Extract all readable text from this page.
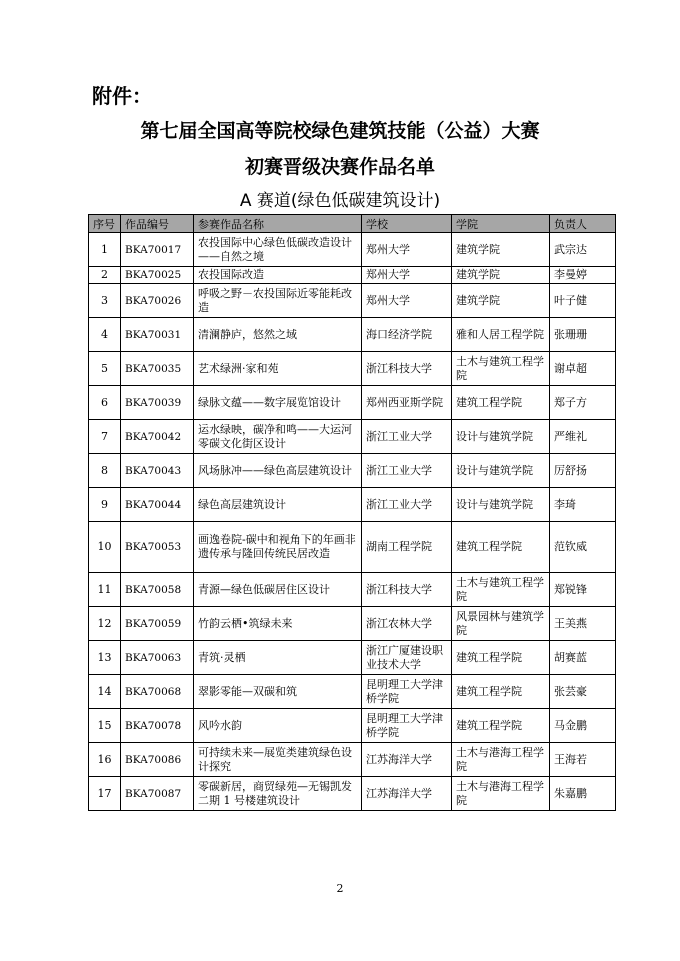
附件：
第七届全国高等院校绿色建筑技能（公益）大赛
初赛晋级决赛作品名单
A 赛道(绿色低碳建筑设计)
序号	作品编号	参赛作品名称	学校	学院	负责人
1	BKA70017	农投国际中心绿色低碳改造设计——自然之境	郑州大学	建筑学院	武宗达
2	BKA70025	农投国际改造	郑州大学	建筑学院	李曼婷
3	BKA70026	呼吸之野－农投国际近零能耗改造	郑州大学	建筑学院	叶子健
4	BKA70031	清澜静庐，悠然之域	海口经济学院	雅和人居工程学院	张珊珊
5	BKA70035	艺术绿洲·家和苑	浙江科技大学	土木与建筑工程学院	谢卓超
6	BKA70039	绿脉文蕴——数字展览馆设计	郑州西亚斯学院	建筑工程学院	郑子方
7	BKA70042	运水绿映，碳净和鸣——大运河零碳文化街区设计	浙江工业大学	设计与建筑学院	严维礼
8	BKA70043	风场脉冲——绿色高层建筑设计	浙江工业大学	设计与建筑学院	厉舒扬
9	BKA70044	绿色高层建筑设计	浙江工业大学	设计与建筑学院	李琦
10	BKA70053	画逸卷院-碳中和视角下的年画非遗传承与隆回传统民居改造	湖南工程学院	建筑工程学院	范钦威
11	BKA70058	青源—绿色低碳居住区设计	浙江科技大学	土木与建筑工程学院	郑锐锋
12	BKA70059	竹韵云栖•筑绿未来	浙江农林大学	风景园林与建筑学院	王美燕
13	BKA70063	青筑·灵栖	浙江广厦建设职业技术大学	建筑工程学院	胡赛蓝
14	BKA70068	翠影零能—双碳和筑	昆明理工大学津桥学院	建筑工程学院	张芸豪
15	BKA70078	风吟水韵	昆明理工大学津桥学院	建筑工程学院	马金鹏
16	BKA70086	可持续未来—展览类建筑绿色设计探究	江苏海洋大学	土木与港海工程学院	王海若
17	BKA70087	零碳新居，商贸绿苑—无锡凯发二期 1 号楼建筑设计	江苏海洋大学	土木与港海工程学院	朱嘉鹏
2
